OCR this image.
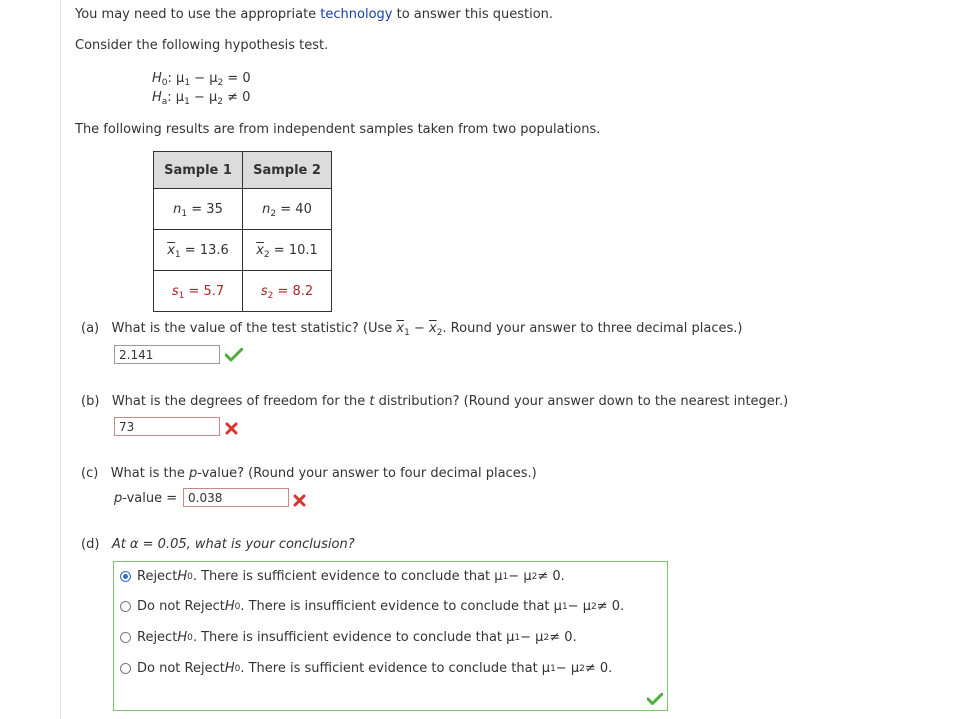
You may need to use the appropriate technology to answer this question.
Consider the following hypothesis test.
$H_0$: $\mu_1 - \mu_2 = 0$
$H_a$: $\mu_1 - \mu_2 \ne 0$
The following results are from independent samples taken from two populations.
Sample 1	Sample 2
$n_1 = 35$	$n_2 = 40$
$\overline{x}_1 = 13.6$	$\overline{x}_2 = 10.1$
$s_1 = 5.7$	$s_2 = 8.2$
(a) What is the value of the test statistic? (Use $\overline{x}_1 - \overline{x}_2$. Round your answer to three decimal places.)
2.141
(b) What is the degrees of freedom for the t distribution? (Round your answer down to the nearest integer.)
73
(c) What is the p-value? (Round your answer to four decimal places.)
p-value = 0.038
(d) At α = 0.05, what is your conclusion?
Reject H 0 . There is sufficient evidence to conclude that μ 1 − μ 2 ≠ 0.
Do not Reject H 0 . There is insufficient evidence to conclude that μ 1 − μ 2 ≠ 0.
Reject H 0 . There is insufficient evidence to conclude that μ 1 − μ 2 ≠ 0.
Do not Reject H 0 . There is sufficient evidence to conclude that μ 1 − μ 2 ≠ 0.
